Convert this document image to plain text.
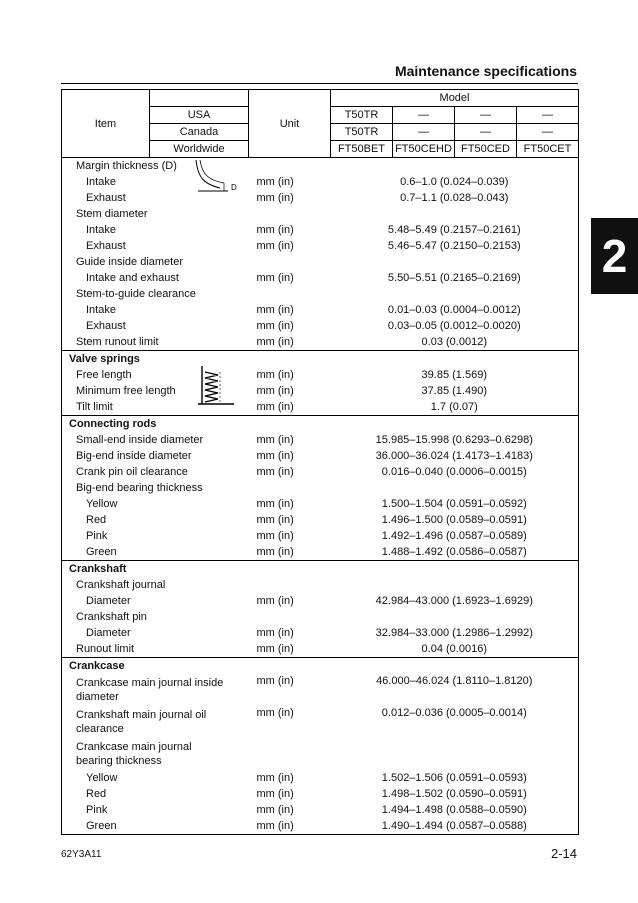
Maintenance specifications
2
Item		Unit	Model			
	USA		T50TR	—	—	—
	Canada		T50TR	—	—	—
	Worldwide		FT50BET	FT50CEHD	FT50CED	FT50CET
Margin thickness (D)						
Intake		mm (in)	0.6–1.0 (0.024–0.039)			
Exhaust		mm (in)	0.7–1.1 (0.028–0.043)			
Stem diameter						
Intake		mm (in)	5.48–5.49 (0.2157–0.2161)			
Exhaust		mm (in)	5.46–5.47 (0.2150–0.2153)			
Guide inside diameter						
Intake and exhaust		mm (in)	5.50–5.51 (0.2165–0.2169)			
Stem-to-guide clearance						
Intake		mm (in)	0.01–0.03 (0.0004–0.0012)			
Exhaust		mm (in)	0.03–0.05 (0.0012–0.0020)			
Stem runout limit		mm (in)	0.03 (0.0012)			
Valve springs						
Free length		mm (in)	39.85 (1.569)			
Minimum free length		mm (in)	37.85 (1.490)			
Tilt limit		mm (in)	1.7 (0.07)			
Connecting rods						
Small-end inside diameter		mm (in)	15.985–15.998 (0.6293–0.6298)			
Big-end inside diameter		mm (in)	36.000–36.024 (1.4173–1.4183)			
Crank pin oil clearance		mm (in)	0.016–0.040 (0.0006–0.0015)			
Big-end bearing thickness						
Yellow		mm (in)	1.500–1.504 (0.0591–0.0592)			
Red		mm (in)	1.496–1.500 (0.0589–0.0591)			
Pink		mm (in)	1.492–1.496 (0.0587–0.0589)			
Green		mm (in)	1.488–1.492 (0.0586–0.0587)			
Crankshaft						
Crankshaft journal						
Diameter		mm (in)	42.984–43.000 (1.6923–1.6929)			
Crankshaft pin						
Diameter		mm (in)	32.984–33.000 (1.2986–1.2992)			
Runout limit		mm (in)	0.04 (0.0016)			
Crankcase						
Crankcase main journal inside diameter		mm (in)	46.000–46.024 (1.8110–1.8120)			
Crankshaft main journal oil clearance		mm (in)	0.012–0.036 (0.0005–0.0014)			
Crankcase main journal bearing thickness						
Yellow		mm (in)	1.502–1.506 (0.0591–0.0593)			
Red		mm (in)	1.498–1.502 (0.0590–0.0591)			
Pink		mm (in)	1.494–1.498 (0.0588–0.0590)			
Green		mm (in)	1.490–1.494 (0.0587–0.0588)			
D
62Y3A11	2-14
